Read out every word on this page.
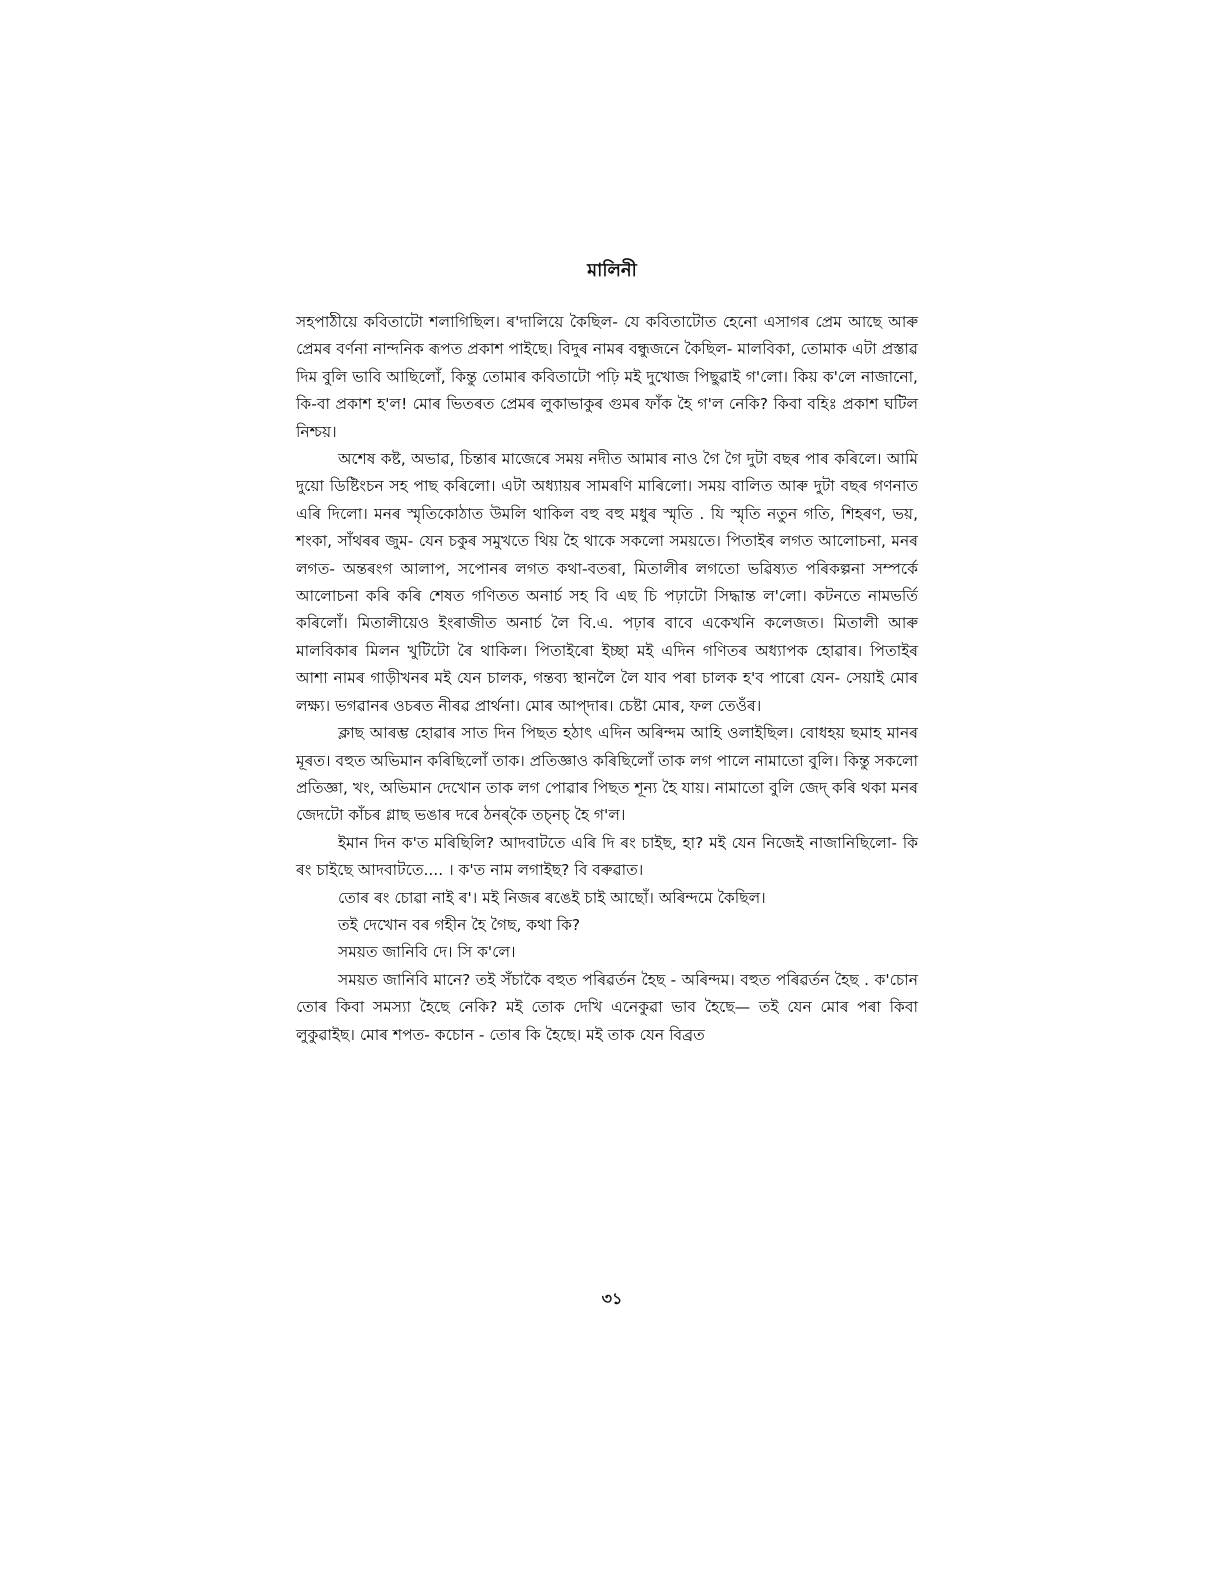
মালিনী

সহপাঠীয়ে কবিতাটো শলাগিছিল। ৰ'দালিয়ে কৈছিল- যে কবিতাটোত হেনো এসাগৰ প্ৰেম আছে আৰু প্ৰেমৰ বৰ্ণনা নান্দনিক ৰূপত প্ৰকাশ পাইছে। বিদুৰ নামৰ বন্ধুজনে কৈছিল- মালবিকা, তোমাক এটা প্ৰস্তাৱ দিম বুলি ভাবি আছিলোঁ, কিন্তু তোমাৰ কবিতাটো পঢ়ি মই দুখোজ পিছুৱাই গ'লো। কিয় ক'লে নাজানো, কি-বা প্ৰকাশ হ'ল! মোৰ ভিতৰত প্ৰেমৰ লুকাভাকুৰ গুমৰ ফাঁক হৈ গ'ল নেকি? কিবা বহিঃ প্ৰকাশ ঘটিল নিশ্চয়।

অশেষ কষ্ট, অভাৱ, চিন্তাৰ মাজেৰে সময় নদীত আমাৰ নাও গৈ গৈ দুটা বছৰ পাৰ কৰিলে। আমি দুয়ো ডিষ্টিংচন সহ পাছ কৰিলো। এটা অধ্যায়ৰ সামৰণি মাৰিলো। সময় বালিত আৰু দুটা বছৰ গণনাত এৰি দিলো। মনৰ স্মৃতিকোঠাত উমলি থাকিল বহু বহু মধুৰ স্মৃতি . যি স্মৃতি নতুন গতি, শিহৰণ, ভয়, শংকা, সাঁথৰৰ জুম- যেন চকুৰ সমুখতে থিয় হৈ থাকে সকলো সময়তে। পিতাইৰ লগত আলোচনা, মনৰ লগত- অন্তৰংগ আলাপ, সপোনৰ লগত কথা-বতৰা, মিতালীৰ লগতো ভৱিষ্যত পৰিকল্পনা সম্পৰ্কে আলোচনা কৰি কৰি শেষত গণিতত অনাৰ্চ সহ বি এছ চি পঢ়াটো সিদ্ধান্ত ল'লো। কটনতে নামভৰ্তি কৰিলোঁ। মিতালীয়েও ইংৰাজীত অনাৰ্চ লৈ বি.এ. পঢ়াৰ বাবে একেখনি কলেজত। মিতালী আৰু মালবিকাৰ মিলন খুটিটো ৰৈ থাকিল। পিতাইৰো ইচ্ছা মই এদিন গণিতৰ অধ্যাপক হোৱাৰ। পিতাইৰ আশা নামৰ গাড়ীখনৰ মই যেন চালক, গন্তব্য স্থানলৈ লৈ যাব পৰা চালক হ'ব পাৰো যেন- সেয়াই মোৰ লক্ষ্য। ভগৱানৰ ওচৰত নীৰৱ প্ৰাৰ্থনা। মোৰ আপ্দাৰ। চেষ্টা মোৰ, ফল তেওঁৰ।

ক্লাছ আৰম্ভ হোৱাৰ সাত দিন পিছত হঠাৎ এদিন অৰিন্দম আহি ওলাইছিল। বোধহয় ছমাহ মানৰ মূৰত। বহুত অভিমান কৰিছিলোঁ তাক। প্ৰতিজ্ঞাও কৰিছিলোঁ তাক লগ পালে নামাতো বুলি। কিন্তু সকলো প্ৰতিজ্ঞা, খং, অভিমান দেখোন তাক লগ পোৱাৰ পিছত শূন্য হৈ যায়। নামাতো বুলি জেদ্ কৰি থকা মনৰ জেদটো কাঁচৰ গ্লাছ ভঙাৰ দৰে ঠনৰ্‌কৈ তচ্‌নচ্‌ হৈ গ'ল।

ইমান দিন ক'ত মৰিছিলি? আদবাটতে এৰি দি ৰং চাইছ, হা? মই যেন নিজেই নাজানিছিলো- কি ৰং চাইছে আদবাটতে.... । ক'ত নাম লগাইছ? বি বৰুৱাত।

তোৰ ৰং চোৱা নাই ৰ'। মই নিজৰ ৰঙেই চাই আছোঁ। অৰিন্দমে কৈছিল।

তই দেখোন বৰ গহীন হৈ গৈছ, কথা কি?

সময়ত জানিবি দে। সি ক'লে।

সময়ত জানিবি মানে? তই সঁচাকৈ বহুত পৰিৱৰ্তন হৈছ - অৰিন্দম। বহুত পৰিৱৰ্তন হৈছ . ক'চোন তোৰ কিবা সমস্যা হৈছে নেকি? মই তোক দেখি এনেকুৱা ভাব হৈছে— তই যেন মোৰ পৰা কিবা লুকুৱাইছ। মোৰ শপত- কচোন - তোৰ কি হৈছে। মই তাক যেন বিব্ৰত

৩১
